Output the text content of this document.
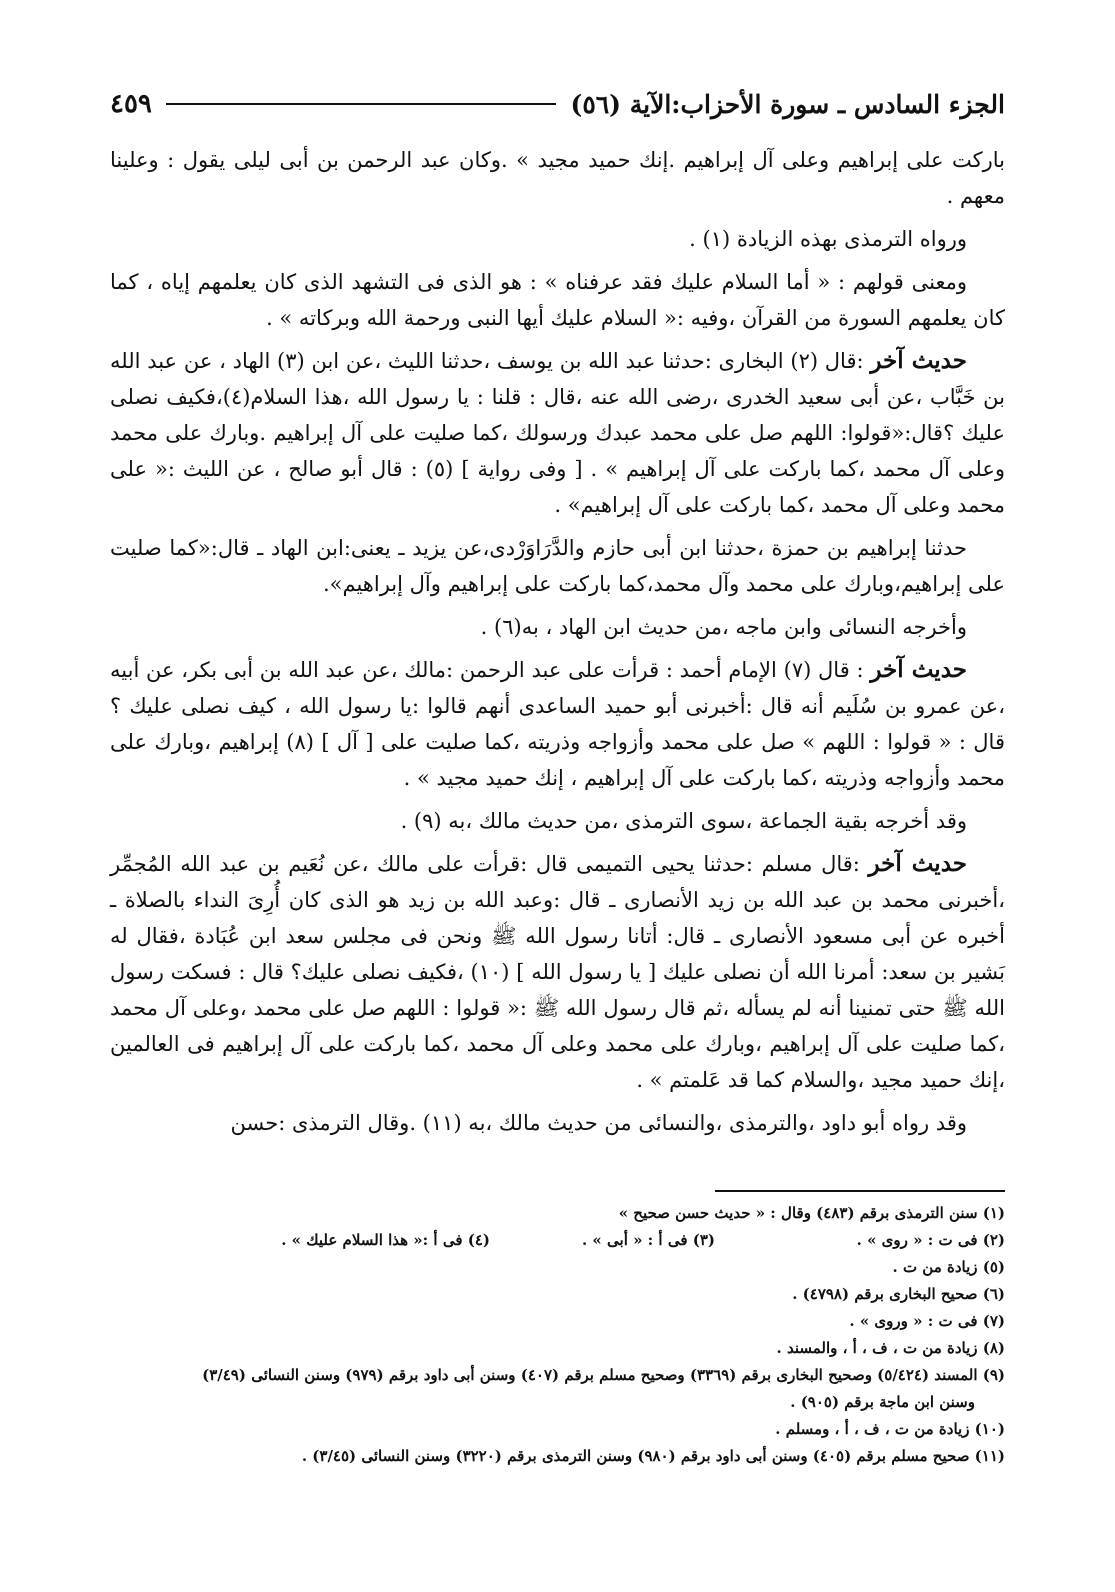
الجزء السادس ـ سورة الأحزاب:الآية (٥٦)
٤٥٩

باركت على إبراهيم وعلى آل إبراهيم .إنك حميد مجيد » .وكان عبد الرحمن بن أبى ليلى يقول : وعلينا معهم .

ورواه الترمذى بهذه الزيادة (١) .

ومعنى قولهم : « أما السلام عليك فقد عرفناه » : هو الذى فى التشهد الذى كان يعلمهم إياه ، كما كان يعلمهم السورة من القرآن ،وفيه :« السلام عليك أيها النبى ورحمة الله وبركاته » .

حديث آخر :قال (٢) البخارى :حدثنا عبد الله بن يوسف ،حدثنا الليث ،عن ابن (٣) الهاد ، عن عبد الله بن خَبَّاب ،عن أبى سعيد الخدرى ،رضى الله عنه ،قال : قلنا : يا رسول الله ،هذا السلام(٤)،فكيف نصلى عليك ؟قال:«قولوا: اللهم صل على محمد عبدك ورسولك ،كما صليت على آل إبراهيم .وبارك على محمد وعلى آل محمد ،كما باركت على آل إبراهيم » . [ وفى رواية ] (٥) : قال أبو صالح ، عن الليث :« على محمد وعلى آل محمد ،كما باركت على آل إبراهيم» .

حدثنا إبراهيم بن حمزة ،حدثنا ابن أبى حازم والدَّرَاوَرْدى،عن يزيد ـ يعنى:ابن الهاد ـ قال:«كما صليت على إبراهيم،وبارك على محمد وآل محمد،كما باركت على إبراهيم وآل إبراهيم».

وأخرجه النسائى وابن ماجه ،من حديث ابن الهاد ، به(٦) .

حديث آخر : قال (٧) الإمام أحمد : قرأت على عبد الرحمن :مالك ،عن عبد الله بن أبى بكر، عن أبيه ،عن عمرو بن سُلَيم أنه قال :أخبرنى أبو حميد الساعدى أنهم قالوا :يا رسول الله ، كيف نصلى عليك ؟ قال : « قولوا : اللهم » صل على محمد وأزواجه وذريته ،كما صليت على [ آل ] (٨) إبراهيم ،وبارك على محمد وأزواجه وذريته ،كما باركت على آل إبراهيم ، إنك حميد مجيد » .

وقد أخرجه بقية الجماعة ،سوى الترمذى ،من حديث مالك ،به (٩) .

حديث آخر :قال مسلم :حدثنا يحيى التميمى قال :قرأت على مالك ،عن نُعَيم بن عبد الله المُجمِّر ،أخبرنى محمد بن عبد الله بن زيد الأنصارى ـ قال :وعبد الله بن زيد هو الذى كان أُرِىَ النداء بالصلاة ـ أخبره عن أبى مسعود الأنصارى ـ قال: أتانا رسول الله ﷺ ونحن فى مجلس سعد ابن عُبَادة ،فقال له بَشير بن سعد: أمرنا الله أن نصلى عليك [ يا رسول الله ] (١٠) ،فكيف نصلى عليك؟ قال : فسكت رسول الله ﷺ حتى تمنينا أنه لم يسأله ،ثم قال رسول الله ﷺ :« قولوا : اللهم صل على محمد ،وعلى آل محمد ،كما صليت على آل إبراهيم ،وبارك على محمد وعلى آل محمد ،كما باركت على آل إبراهيم فى العالمين ،إنك حميد مجيد ،والسلام كما قد عَلمتم » .

وقد رواه أبو داود ،والترمذى ،والنسائى من حديث مالك ،به (١١) .وقال الترمذى :حسن

(١) سنن الترمذى برقم (٤٨٣) وقال : « حديث حسن صحيح »
(٢) فى ت : « روى » .
(٣) فى أ : « أبى » .
(٤) فى أ :« هذا السلام عليك » .
(٥) زيادة من ت .
(٦) صحيح البخارى برقم (٤٧٩٨) .
(٧) فى ت : « وروى » .
(٨) زيادة من ت ، ف ، أ ، والمسند .
(٩) المسند (٥/٤٢٤) وصحيح البخارى برقم (٣٣٦٩) وصحيح مسلم برقم (٤٠٧) وسنن أبى داود برقم (٩٧٩) وسنن النسائى (٣/٤٩)
وسنن ابن ماجة برقم (٩٠٥) .
(١٠) زيادة من ت ، ف ، أ ، ومسلم .
(١١) صحيح مسلم برقم (٤٠٥) وسنن أبى داود برقم (٩٨٠) وسنن الترمذى برقم (٣٢٢٠) وسنن النسائى (٣/٤٥) .
